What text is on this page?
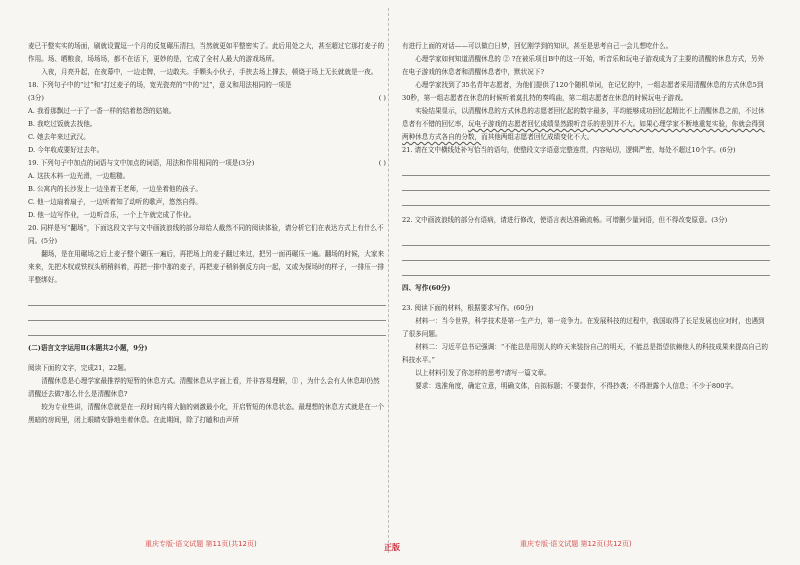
麦已干整实实的场面，刷就设置逗一个月的反复碾压清扫，当然就更如平整密实了。此后用处之大，甚至超过它那打麦子的作用。场、晒粮食，场场场，都不在话下，更妙的是，它成了全村人最大的游戏场所。

入夜，月亮升起，在夜幕中，一边走牌，一边敢夫。手颗头小伙子，手挟去场上撑去，顿烧于场上无长就就是一夜。

18. 下列句子中的“过”和“打过麦子的场，宽光瓷亮的”中的“过”，意义和用法相同的一项是
(3分)	( )

A. 我看那飘过一于了一香一样的结着愁怨的姑娘。

B. 我吃过饭就去找他。

C. 她去年来过武汉。

D. 今年收成要好过去年。

19. 下列句子中加点的词语与文中加点的词语，用法和作用相同的一项是(3分)	( )

A. 这扶木料一边光滑，一边粗糙。

B. 公寓内的长沙发上一边坐着王老师，一边坐着他的孩子。

C. 他一边扇着扇子，一边听着知了动听的歌声，悠然自得。

D. 他一边写作业，一边听音乐，一个上午就完成了作业。

20. 同样是写“翻场”，下面这段文字与文中画波浪线的部分却给人截然不同的阅读体验，请分析它们在表达方式上有什么不同。(5分)

翻场，是在用碾场之后上麦子整个碾压一遍后，再把场上的麦子翻过来过，把另一面再碾压一遍。翻场的时候，大家来来来，先把木杈或铁杈头稍稍斜着，再把一排中那的麦子，再把麦子稍斜倒反方向一起，又或为探场时的样子，一排压一排平整绑好。

(二)语言文字运用Ⅱ(本题共2小题，9分)

阅读下面的文字，完成21，22题。

清醒休息是心理学家最推荐的短暂的休息方式。清醒休息从字面上看，并非容易理解，① ，为什么会有人休息却仍然清醒还去做?那么什么是清醒休息?

较为专业些讲，清醒休息就是在一段时间内将大脑的刺激最小化，开启暂短的休息状态。最理想的休息方式就是在一个黑暗的房间里，闭上眼睛安静地坐着休息。在此期间，除了打瞌和由声所

有进行上面的对话——可以做白日梦，回忆刚学到的知识，甚至是思考自己一会儿想吃什么。

心理学家如何知道清醒休息的 ② ?在被乐项目B中的这一开始，听音乐和玩电子游戏成为了主要的清醒的休息方式，另外在电子游戏的休息者和清醒休息者中，默状况下?

心理学家找到了35名青年志愿者，为他们提供了120个随机单词，在记忆的中，一组志愿者采用清醒休息的方式休息5到30秒，第一组志愿者在休息的时候听着莫扎特的奏鸣曲，第二组志愿者在休息的时候玩电子游戏。

实验结果显示，以清醒休息的方式休息的志愿者回忆起的数字最多，平均能够成功回忆起精比不上清醒休息之前，不过休息者有不错的回忆率，玩电子游戏的志愿者回忆成绩显然跟听音乐的差别并不大。如果心理学家不断地重复实验，你就会得到两种休息方式各自的分数，而其他两组志愿者回忆成绩变化不大。

21. 请在文中横线处补写恰当的语句，使整段文字语意完整连贯，内容贴切，逻辑严密，每处不超过10个字。(6分)

22. 文中画波浪线的部分有语病，请进行修改，使语言表达准确流畅。可增删少量词语，但不得改变原意。(3分)

四、写作(60分)

23. 阅读下面的材料，根据要求写作。(60分)

材料一：当今世界，科学技术是第一生产力，第一竞争力。在发展科技的过程中，我国取得了长足发展也应对时，也遇到了很多问题。

材料二：习近平总书记强调：“不能总是用别人的昨天来装扮自己的明天，不能总是指望依赖他人的科技成果来提高自己的科技水平。”

以上材料引发了你怎样的思考?请写一篇文章。

要求：选准角度，确定立意，明确文体，自拟标题；不要套作，不得抄袭；不得泄露个人信息；不少于800字。

重庆专版·语文试题 第11页(共12页)	正版	重庆专版·语文试题 第12页(共12页)
